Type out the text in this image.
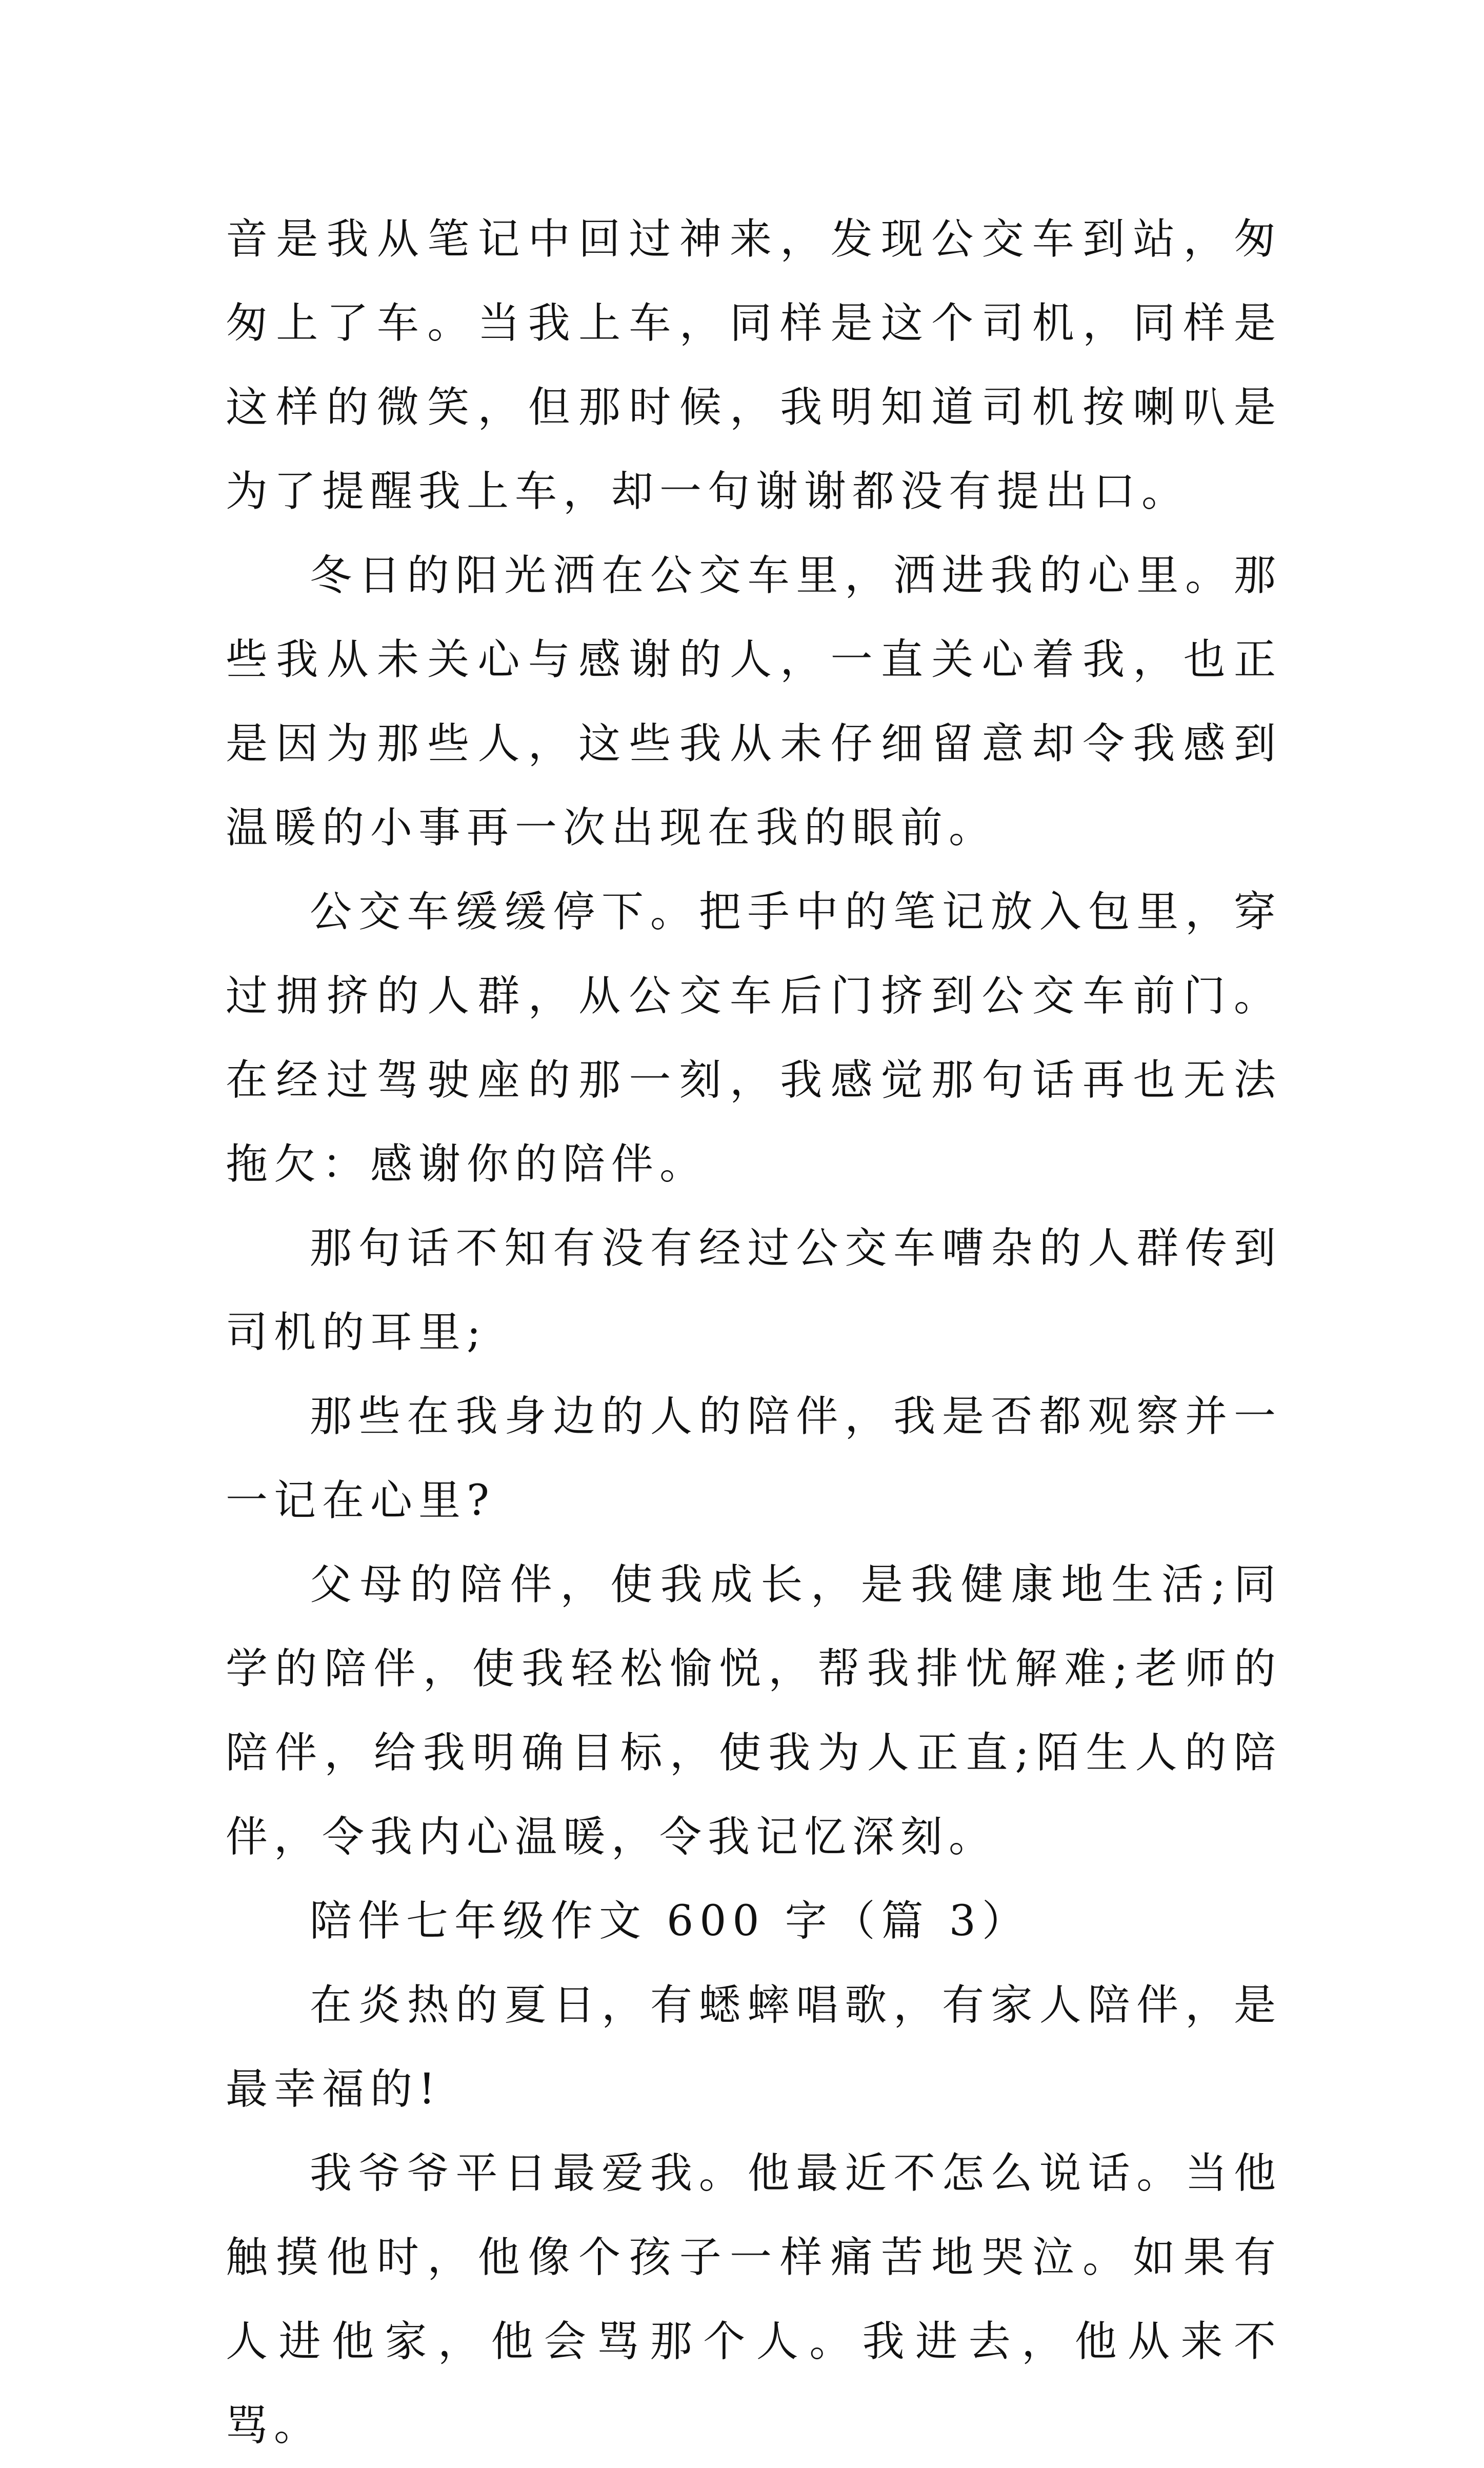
音是我从笔记中回过神来，发现公交车到站，匆匆上了车。当我上车，同样是这个司机，同样是这样的微笑，但那时候，我明知道司机按喇叭是为了提醒我上车，却一句谢谢都没有提出口。

冬日的阳光洒在公交车里，洒进我的心里。那些我从未关心与感谢的人，一直关心着我，也正是因为那些人，这些我从未仔细留意却令我感到温暖的小事再一次出现在我的眼前。

公交车缓缓停下。把手中的笔记放入包里，穿过拥挤的人群，从公交车后门挤到公交车前门。在经过驾驶座的那一刻，我感觉那句话再也无法拖欠：感谢你的陪伴。

那句话不知有没有经过公交车嘈杂的人群传到司机的耳里;

那些在我身边的人的陪伴，我是否都观察并一一记在心里?

父母的陪伴，使我成长，是我健康地生活;同学的陪伴，使我轻松愉悦，帮我排忧解难;老师的陪伴，给我明确目标，使我为人正直;陌生人的陪伴，令我内心温暖，令我记忆深刻。

陪伴七年级作文 600 字（篇 3）

在炎热的夏日，有蟋蟀唱歌，有家人陪伴，是最幸福的!

我爷爷平日最爱我。他最近不怎么说话。当他触摸他时，他像个孩子一样痛苦地哭泣。如果有人进他家，他会骂那个人。我进去，他从来不骂。
